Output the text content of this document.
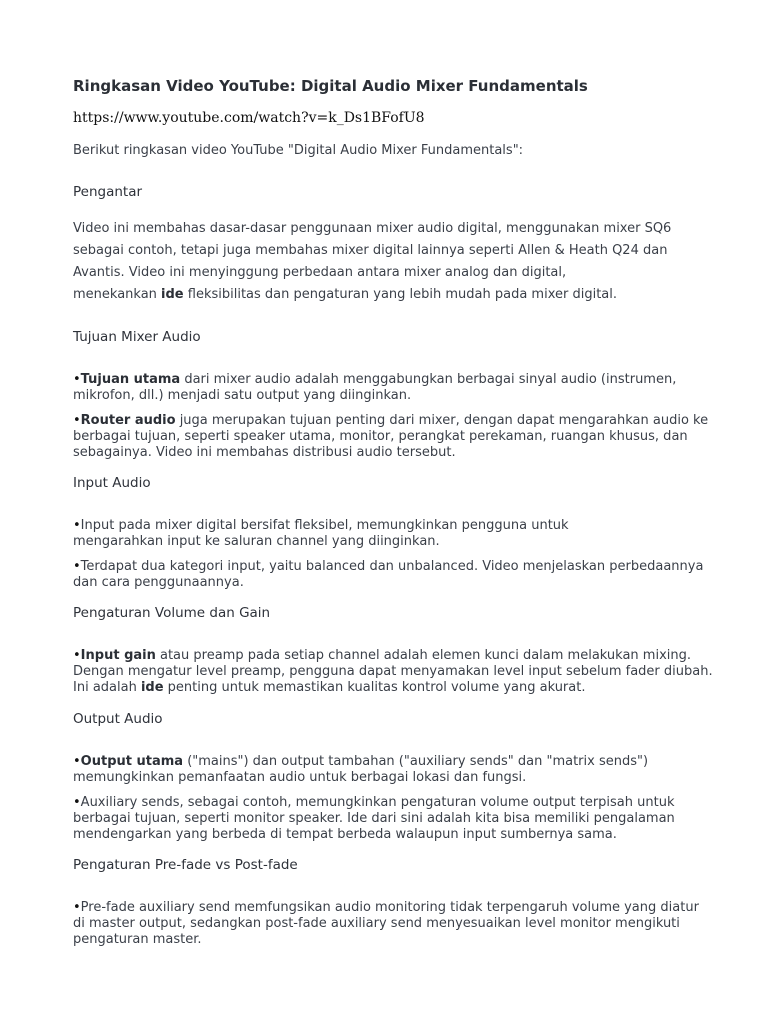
Ringkasan Video YouTube: Digital Audio Mixer Fundamentals
https://www.youtube.com/watch?v=k_Ds1BFofU8
Berikut ringkasan video YouTube "Digital Audio Mixer Fundamentals":
Pengantar
Video ini membahas dasar-dasar penggunaan mixer audio digital, menggunakan mixer SQ6
sebagai contoh, tetapi juga membahas mixer digital lainnya seperti Allen & Heath Q24 dan
Avantis. Video ini menyinggung perbedaan antara mixer analog dan digital,
menekankan ide fleksibilitas dan pengaturan yang lebih mudah pada mixer digital.
Tujuan Mixer Audio
•Tujuan utama dari mixer audio adalah menggabungkan berbagai sinyal audio (instrumen,
mikrofon, dll.) menjadi satu output yang diinginkan.
•Router audio juga merupakan tujuan penting dari mixer, dengan dapat mengarahkan audio ke
berbagai tujuan, seperti speaker utama, monitor, perangkat perekaman, ruangan khusus, dan
sebagainya. Video ini membahas distribusi audio tersebut.
Input Audio
•Input pada mixer digital bersifat fleksibel, memungkinkan pengguna untuk
mengarahkan input ke saluran channel yang diinginkan.
•Terdapat dua kategori input, yaitu balanced dan unbalanced. Video menjelaskan perbedaannya
dan cara penggunaannya.
Pengaturan Volume dan Gain
•Input gain atau preamp pada setiap channel adalah elemen kunci dalam melakukan mixing.
Dengan mengatur level preamp, pengguna dapat menyamakan level input sebelum fader diubah.
Ini adalah ide penting untuk memastikan kualitas kontrol volume yang akurat.
Output Audio
•Output utama ("mains") dan output tambahan ("auxiliary sends" dan "matrix sends")
memungkinkan pemanfaatan audio untuk berbagai lokasi dan fungsi.
•Auxiliary sends, sebagai contoh, memungkinkan pengaturan volume output terpisah untuk
berbagai tujuan, seperti monitor speaker. Ide dari sini adalah kita bisa memiliki pengalaman
mendengarkan yang berbeda di tempat berbeda walaupun input sumbernya sama.
Pengaturan Pre-fade vs Post-fade
•Pre-fade auxiliary send memfungsikan audio monitoring tidak terpengaruh volume yang diatur
di master output, sedangkan post-fade auxiliary send menyesuaikan level monitor mengikuti
pengaturan master.
